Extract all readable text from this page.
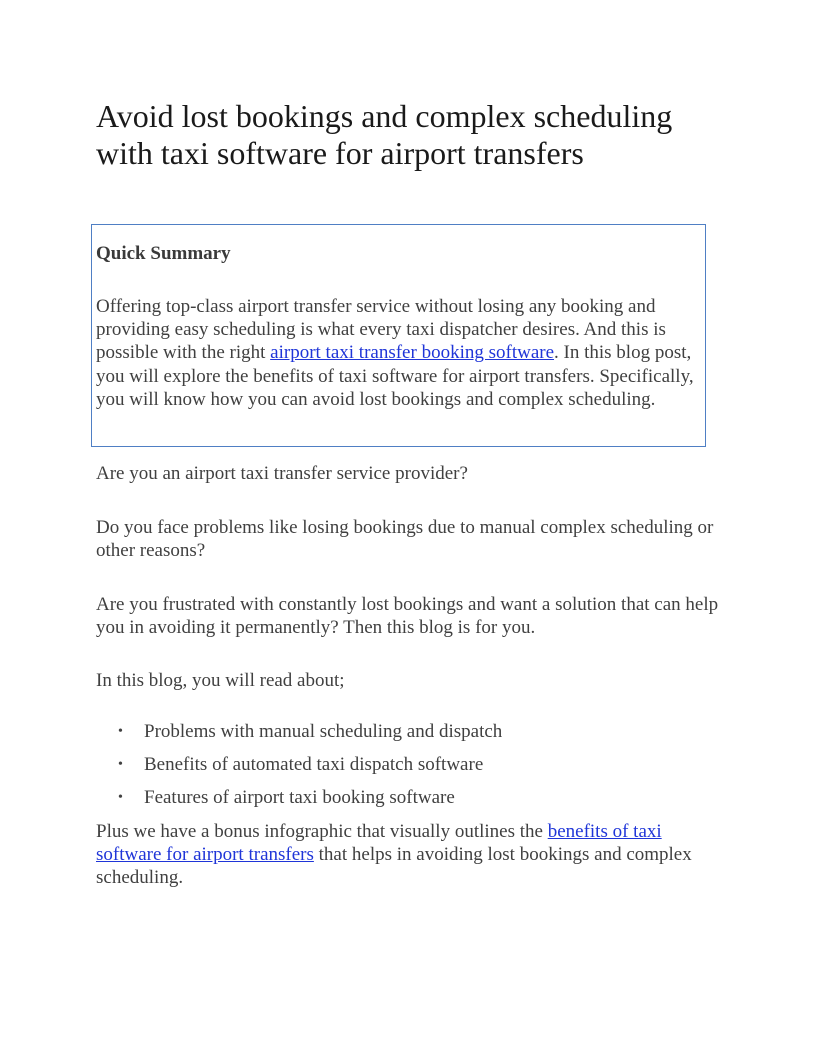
Avoid lost bookings and complex scheduling
with taxi software for airport transfers

Quick Summary

Offering top-class airport transfer service without losing any booking and providing easy scheduling is what every taxi dispatcher desires. And this is possible with the right airport taxi transfer booking software. In this blog post, you will explore the benefits of taxi software for airport transfers. Specifically, you will know how you can avoid lost bookings and complex scheduling.

Are you an airport taxi transfer service provider?

Do you face problems like losing bookings due to manual complex scheduling or other reasons?

Are you frustrated with constantly lost bookings and want a solution that can help you in avoiding it permanently? Then this blog is for you.

In this blog, you will read about;

• Problems with manual scheduling and dispatch
• Benefits of automated taxi dispatch software
• Features of airport taxi booking software

Plus we have a bonus infographic that visually outlines the benefits of taxi software for airport transfers that helps in avoiding lost bookings and complex scheduling.
